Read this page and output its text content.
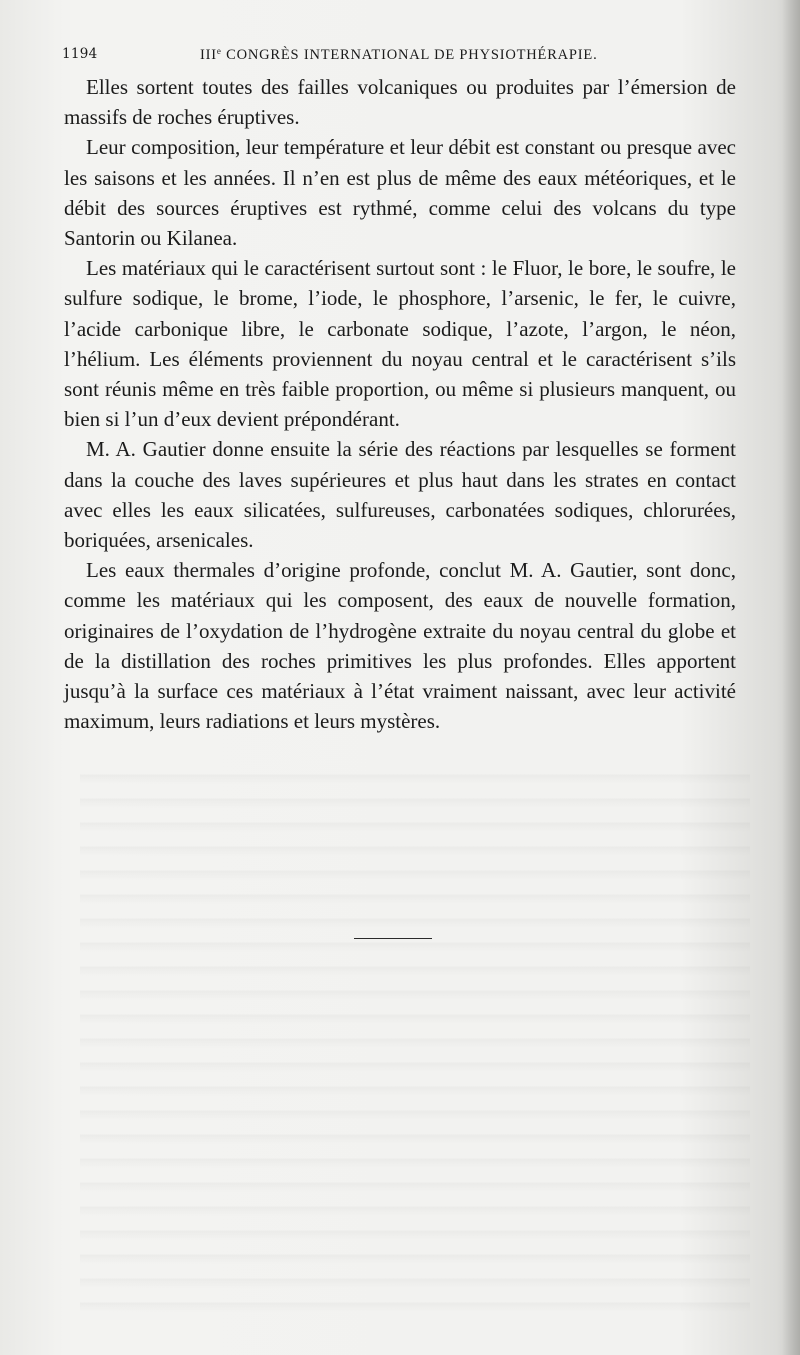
1194	IIIe CONGRÈS INTERNATIONAL DE PHYSIOTHÉRAPIE.

Elles sortent toutes des failles volcaniques ou produites par l’émersion de massifs de roches éruptives.

Leur composition, leur température et leur débit est constant ou presque avec les saisons et les années. Il n’en est plus de même des eaux météoriques, et le débit des sources éruptives est rythmé, comme celui des volcans du type Santorin ou Kilanea.

Les matériaux qui le caractérisent surtout sont : le Fluor, le bore, le soufre, le sulfure sodique, le brome, l’iode, le phosphore, l’arsenic, le fer, le cuivre, l’acide carbonique libre, le carbonate sodique, l’azote, l’argon, le néon, l’hélium. Les éléments proviennent du noyau central et le caractérisent s’ils sont réunis même en très faible proportion, ou même si plusieurs manquent, ou bien si l’un d’eux devient prépondérant.

M. A. Gautier donne ensuite la série des réactions par lesquelles se forment dans la couche des laves supérieures et plus haut dans les strates en contact avec elles les eaux silicatées, sulfureuses, carbonatées sodiques, chlorurées, boriquées, arsenicales.

Les eaux thermales d’origine profonde, conclut M. A. Gautier, sont donc, comme les matériaux qui les composent, des eaux de nouvelle formation, originaires de l’oxydation de l’hydrogène extraite du noyau central du globe et de la distillation des roches primitives les plus profondes. Elles apportent jusqu’à la surface ces matériaux à l’état vraiment naissant, avec leur activité maximum, leurs radiations et leurs mystères.
